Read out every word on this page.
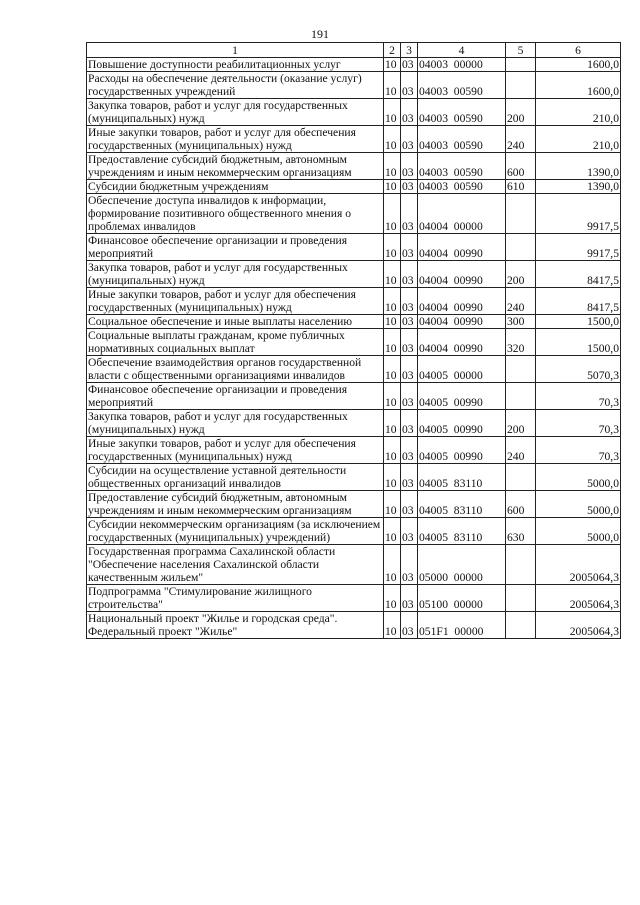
191
1	2	3	4	5	6
Повышение доступности реабилитационных услуг	10	03	04003  00000		1600,0
Расходы на обеспечение деятельности (оказание услуг) государственных учреждений	10	03	04003  00590		1600,0
Закупка товаров, работ и услуг для государственных (муниципальных) нужд	10	03	04003  00590	200	210,0
Иные закупки товаров, работ и услуг для обеспечения государственных (муниципальных) нужд	10	03	04003  00590	240	210,0
Предоставление субсидий бюджетным, автономным учреждениям и иным некоммерческим организациям	10	03	04003  00590	600	1390,0
Субсидии бюджетным учреждениям	10	03	04003  00590	610	1390,0
Обеспечение доступа инвалидов к информации, формирование позитивного общественного мнения о проблемах инвалидов	10	03	04004  00000		9917,5
Финансовое обеспечение организации и проведения мероприятий	10	03	04004  00990		9917,5
Закупка товаров, работ и услуг для государственных (муниципальных) нужд	10	03	04004  00990	200	8417,5
Иные закупки товаров, работ и услуг для обеспечения государственных (муниципальных) нужд	10	03	04004  00990	240	8417,5
Социальное обеспечение и иные выплаты населению	10	03	04004  00990	300	1500,0
Социальные выплаты гражданам, кроме публичных нормативных социальных выплат	10	03	04004  00990	320	1500,0
Обеспечение взаимодействия органов государственной власти с общественными организациями инвалидов	10	03	04005  00000		5070,3
Финансовое обеспечение организации и проведения мероприятий	10	03	04005  00990		70,3
Закупка товаров, работ и услуг для государственных (муниципальных) нужд	10	03	04005  00990	200	70,3
Иные закупки товаров, работ и услуг для обеспечения государственных (муниципальных) нужд	10	03	04005  00990	240	70,3
Субсидии на осуществление уставной деятельности общественных организаций инвалидов	10	03	04005  83110		5000,0
Предоставление субсидий бюджетным, автономным учреждениям и иным некоммерческим организациям	10	03	04005  83110	600	5000,0
Субсидии некоммерческим организациям (за исключением государственных (муниципальных) учреждений)	10	03	04005  83110	630	5000,0
Государственная программа Сахалинской области "Обеспечение населения Сахалинской области качественным жильем"	10	03	05000  00000		2005064,3
Подпрограмма "Стимулирование жилищного строительства"	10	03	05100  00000		2005064,3
Национальный проект "Жилье и городская среда". Федеральный проект "Жилье"	10	03	051F1  00000		2005064,3
